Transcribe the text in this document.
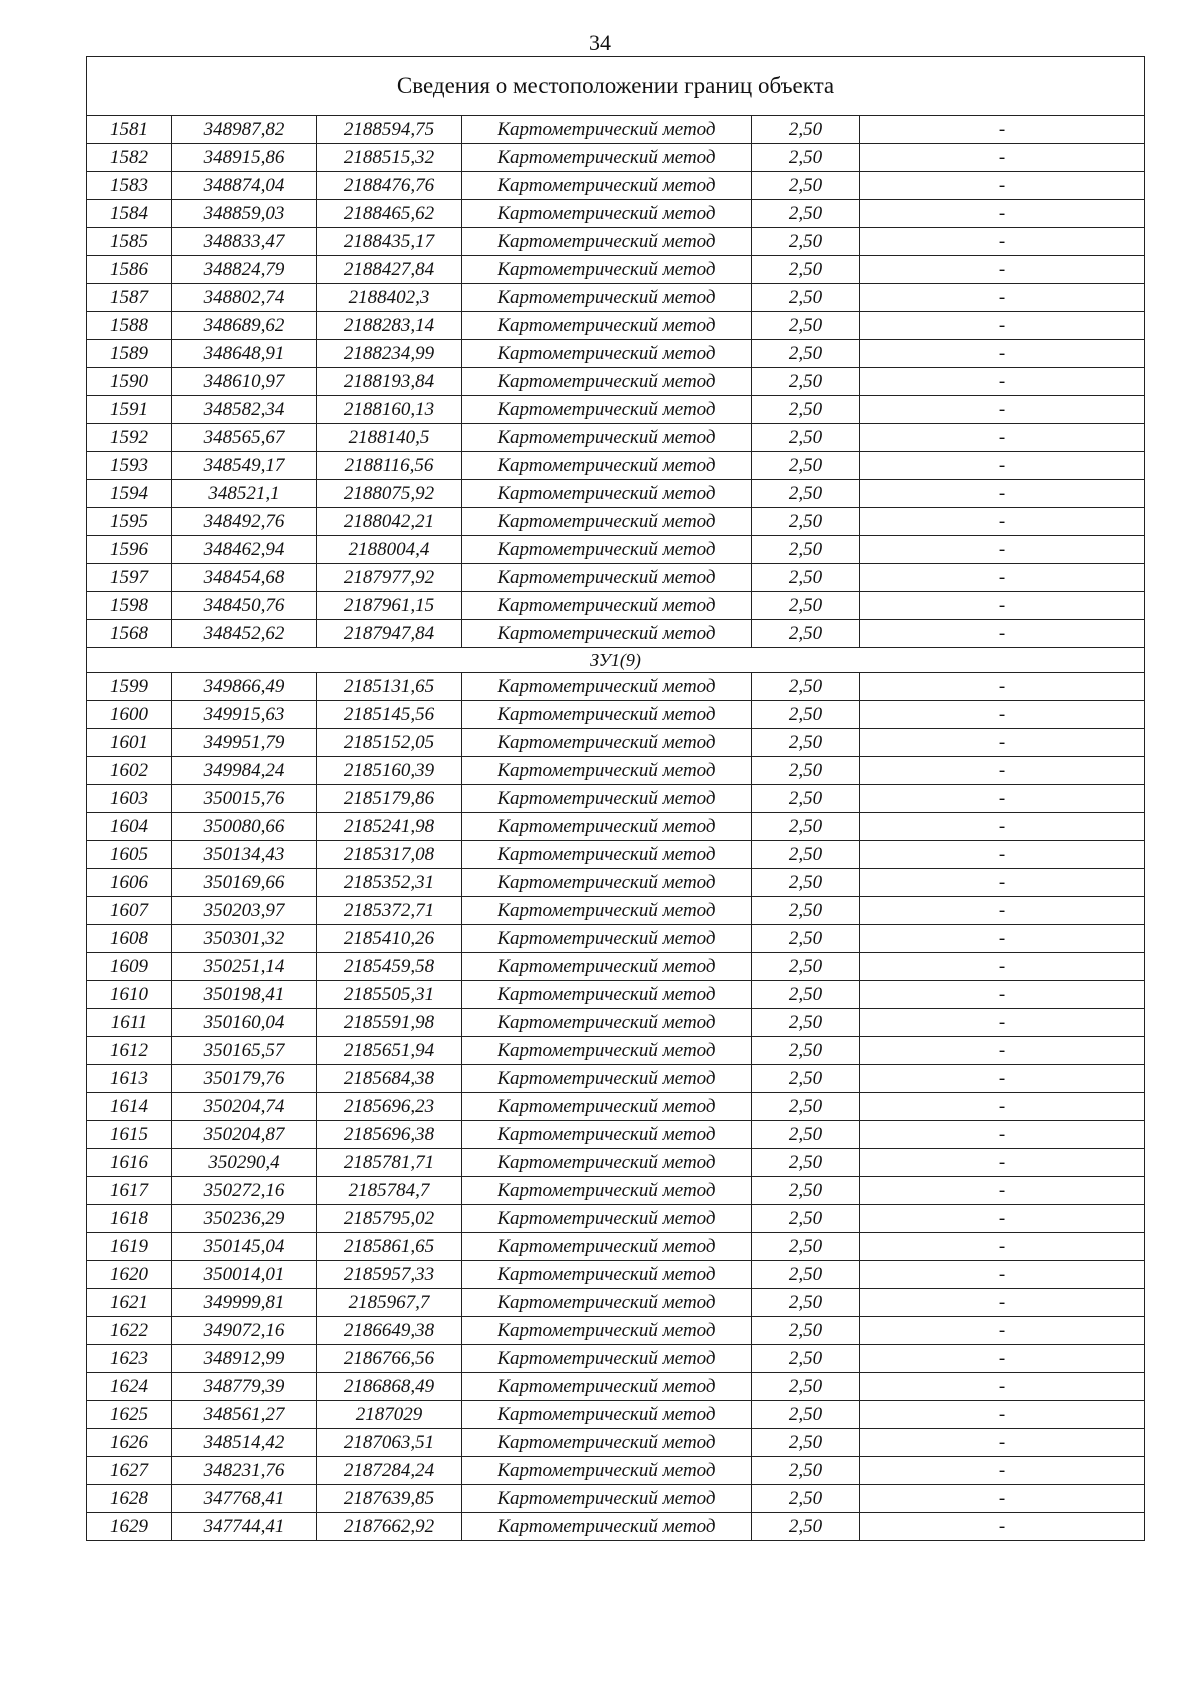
34
Сведения о местоположении границ объекта					
1581	348987,82	2188594,75	Картометрический метод	2,50	-
1582	348915,86	2188515,32	Картометрический метод	2,50	-
1583	348874,04	2188476,76	Картометрический метод	2,50	-
1584	348859,03	2188465,62	Картометрический метод	2,50	-
1585	348833,47	2188435,17	Картометрический метод	2,50	-
1586	348824,79	2188427,84	Картометрический метод	2,50	-
1587	348802,74	2188402,3	Картометрический метод	2,50	-
1588	348689,62	2188283,14	Картометрический метод	2,50	-
1589	348648,91	2188234,99	Картометрический метод	2,50	-
1590	348610,97	2188193,84	Картометрический метод	2,50	-
1591	348582,34	2188160,13	Картометрический метод	2,50	-
1592	348565,67	2188140,5	Картометрический метод	2,50	-
1593	348549,17	2188116,56	Картометрический метод	2,50	-
1594	348521,1	2188075,92	Картометрический метод	2,50	-
1595	348492,76	2188042,21	Картометрический метод	2,50	-
1596	348462,94	2188004,4	Картометрический метод	2,50	-
1597	348454,68	2187977,92	Картометрический метод	2,50	-
1598	348450,76	2187961,15	Картометрический метод	2,50	-
1568	348452,62	2187947,84	Картометрический метод	2,50	-
ЗУ1(9)					
1599	349866,49	2185131,65	Картометрический метод	2,50	-
1600	349915,63	2185145,56	Картометрический метод	2,50	-
1601	349951,79	2185152,05	Картометрический метод	2,50	-
1602	349984,24	2185160,39	Картометрический метод	2,50	-
1603	350015,76	2185179,86	Картометрический метод	2,50	-
1604	350080,66	2185241,98	Картометрический метод	2,50	-
1605	350134,43	2185317,08	Картометрический метод	2,50	-
1606	350169,66	2185352,31	Картометрический метод	2,50	-
1607	350203,97	2185372,71	Картометрический метод	2,50	-
1608	350301,32	2185410,26	Картометрический метод	2,50	-
1609	350251,14	2185459,58	Картометрический метод	2,50	-
1610	350198,41	2185505,31	Картометрический метод	2,50	-
1611	350160,04	2185591,98	Картометрический метод	2,50	-
1612	350165,57	2185651,94	Картометрический метод	2,50	-
1613	350179,76	2185684,38	Картометрический метод	2,50	-
1614	350204,74	2185696,23	Картометрический метод	2,50	-
1615	350204,87	2185696,38	Картометрический метод	2,50	-
1616	350290,4	2185781,71	Картометрический метод	2,50	-
1617	350272,16	2185784,7	Картометрический метод	2,50	-
1618	350236,29	2185795,02	Картометрический метод	2,50	-
1619	350145,04	2185861,65	Картометрический метод	2,50	-
1620	350014,01	2185957,33	Картометрический метод	2,50	-
1621	349999,81	2185967,7	Картометрический метод	2,50	-
1622	349072,16	2186649,38	Картометрический метод	2,50	-
1623	348912,99	2186766,56	Картометрический метод	2,50	-
1624	348779,39	2186868,49	Картометрический метод	2,50	-
1625	348561,27	2187029	Картометрический метод	2,50	-
1626	348514,42	2187063,51	Картометрический метод	2,50	-
1627	348231,76	2187284,24	Картометрический метод	2,50	-
1628	347768,41	2187639,85	Картометрический метод	2,50	-
1629	347744,41	2187662,92	Картометрический метод	2,50	-
